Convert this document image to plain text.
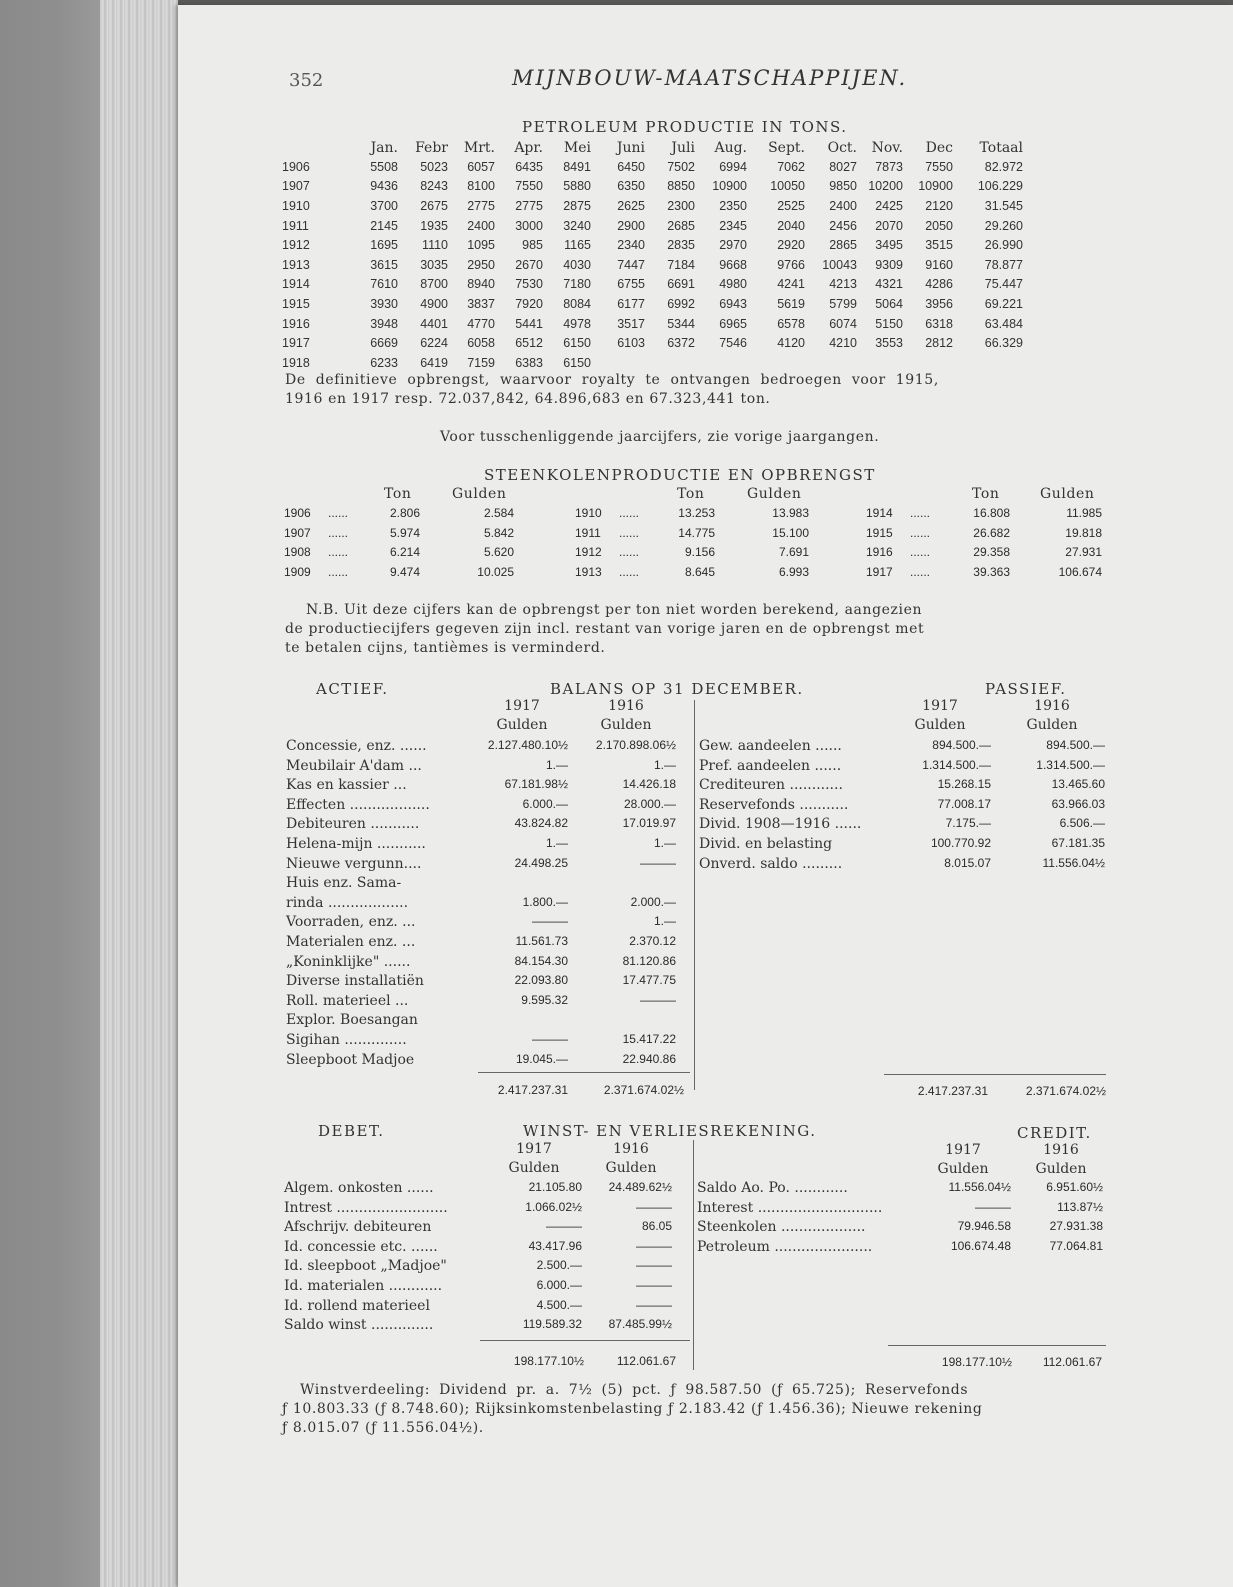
352	MIJNBOUW-MAATSCHAPPIJEN.
PETROLEUM PRODUCTIE IN TONS.
	Jan.	Febr	Mrt.	Apr.	Mei	Juni	Juli	Aug.	Sept.	Oct.	Nov.	Dec	Totaal
1906	5508	5023	6057	6435	8491	6450	7502	6994	7062	8027	7873	7550	82.972
1907	9436	8243	8100	7550	5880	6350	8850	10900	10050	9850	10200	10900	106.229
1910	3700	2675	2775	2775	2875	2625	2300	2350	2525	2400	2425	2120	31.545
1911	2145	1935	2400	3000	3240	2900	2685	2345	2040	2456	2070	2050	29.260
1912	1695	1110	1095	985	1165	2340	2835	2970	2920	2865	3495	3515	26.990
1913	3615	3035	2950	2670	4030	7447	7184	9668	9766	10043	9309	9160	78.877
1914	7610	8700	8940	7530	7180	6755	6691	4980	4241	4213	4321	4286	75.447
1915	3930	4900	3837	7920	8084	6177	6992	6943	5619	5799	5064	3956	69.221
1916	3948	4401	4770	5441	4978	3517	5344	6965	6578	6074	5150	6318	63.484
1917	6669	6224	6058	6512	6150	6103	6372	7546	4120	4210	3553	2812	66.329
1918	6233	6419	7159	6383	6150								
De definitieve opbrengst, waarvoor royalty te ontvangen bedroegen voor 1915,
1916 en 1917 resp. 72.037,842, 64.896,683 en 67.323,441 ton.
Voor tusschenliggende jaarcijfers, zie vorige jaargangen.
STEENKOLENPRODUCTIE EN OPBRENGST
Ton	Gulden
1906	......	2.806	2.584
1907	......	5.974	5.842
1908	......	6.214	5.620
1909	......	9.474	10.025
Ton	Gulden
1910	......	13.253	13.983
1911	......	14.775	15.100
1912	......	9.156	7.691
1913	......	8.645	6.993
Ton	Gulden
1914	......	16.808	11.985
1915	......	26.682	19.818
1916	......	29.358	27.931
1917	......	39.363	106.674
N.B. Uit deze cijfers kan de opbrengst per ton niet worden berekend, aangezien
de productiecijfers gegeven zijn incl. restant van vorige jaren en de opbrengst met
te betalen cijns, tantièmes is verminderd.
ACTIEF.	BALANS OP 31 DECEMBER.	PASSIEF.
1917	1916
Gulden	Gulden
Concessie, enz. ......	2.127.480.10½	2.170.898.06½
Meubilair A'dam ...	1.—	1.—
Kas en kassier ...	67.181.98½	14.426.18
Effecten ..................	6.000.—	28.000.—
Debiteuren ...........	43.824.82	17.019.97
Helena-mijn ...........	1.—	1.—
Nieuwe vergunn....	24.498.25	———
Huis enz. Sama-
rinda ..................	1.800.—	2.000.—
Voorraden, enz. ...	———	1.—
Materialen enz. ...	11.561.73	2.370.12
„Koninklijke" ......	84.154.30	81.120.86
Diverse installatiën	22.093.80	17.477.75
Roll. materieel ...	9.595.32	———
Explor. Boesangan
Sigihan ..............	———	15.417.22
Sleepboot Madjoe	19.045.—	22.940.86
1917	1916
Gulden	Gulden
Gew. aandeelen ......	894.500.—	894.500.—
Pref. aandeelen ......	1.314.500.—	1.314.500.—
Crediteuren ............	15.268.15	13.465.60
Reservefonds ...........	77.008.17	63.966.03
Divid. 1908—1916 ......	7.175.—	6.506.—
Divid. en belasting	100.770.92	67.181.35
Onverd. saldo .........	8.015.07	11.556.04½
2.417.237.31	2.371.674.02½	2.417.237.31	2.371.674.02½
DEBET.	WINST- EN VERLIESREKENING.	CREDIT.
1917	1916
Gulden	Gulden
Algem. onkosten ......	21.105.80	24.489.62½
Intrest .........................	1.066.02½	———
Afschrijv. debiteuren	———	86.05
Id. concessie etc. ......	43.417.96	———
Id. sleepboot „Madjoe"	2.500.—	———
Id. materialen ............	6.000.—	———
Id. rollend materieel	4.500.—	———
Saldo winst ..............	119.589.32	87.485.99½
1917	1916
Gulden	Gulden
Saldo Ao. Po. ............	11.556.04½	6.951.60½
Interest ............................	———	113.87½
Steenkolen ...................	79.946.58	27.931.38
Petroleum ......................	106.674.48	77.064.81
198.177.10½	112.061.67	198.177.10½	112.061.67
Winstverdeeling: Dividend pr. a. 7½ (5) pct. ƒ 98.587.50 (ƒ 65.725); Reservefonds
ƒ 10.803.33 (ƒ 8.748.60); Rijksinkomstenbelasting ƒ 2.183.42 (ƒ 1.456.36); Nieuwe rekening
ƒ 8.015.07 (ƒ 11.556.04½).
